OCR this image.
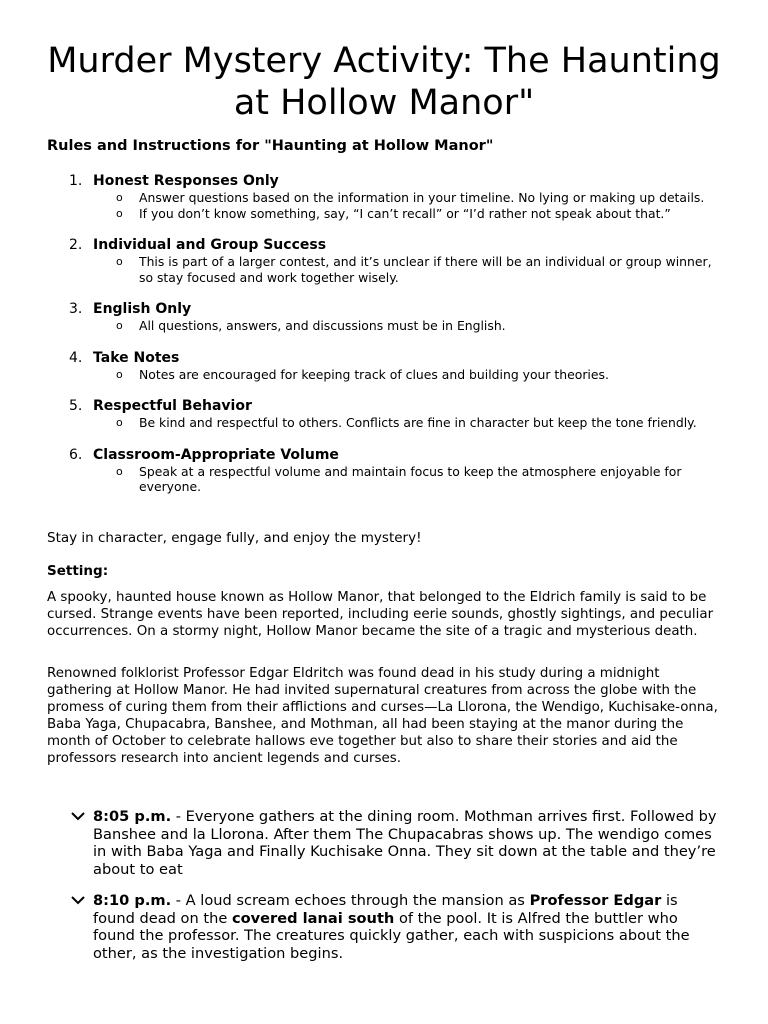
Murder Mystery Activity: The Haunting at Hollow Manor"
Rules and Instructions for "Haunting at Hollow Manor"
1. Honest Responses Only
o Answer questions based on the information in your timeline. No lying or making up details.
o If you don’t know something, say, “I can’t recall” or “I’d rather not speak about that.”
2. Individual and Group Success
o This is part of a larger contest, and it’s unclear if there will be an individual or group winner, so stay focused and work together wisely.
3. English Only
o All questions, answers, and discussions must be in English.
4. Take Notes
o Notes are encouraged for keeping track of clues and building your theories.
5. Respectful Behavior
o Be kind and respectful to others. Conflicts are fine in character but keep the tone friendly.
6. Classroom-Appropriate Volume
o Speak at a respectful volume and maintain focus to keep the atmosphere enjoyable for everyone.
Stay in character, engage fully, and enjoy the mystery!
Setting:

A spooky, haunted house known as Hollow Manor, that belonged to the Eldrich family is said to be cursed. Strange events have been reported, including eerie sounds, ghostly sightings, and peculiar occurrences. On a stormy night, Hollow Manor became the site of a tragic and mysterious death.

Renowned folklorist Professor Edgar Eldritch was found dead in his study during a midnight gathering at Hollow Manor. He had invited supernatural creatures from across the globe with the promess of curing them from their afflictions and curses—La Llorona, the Wendigo, Kuchisake-onna, Baba Yaga, Chupacabra, Banshee, and Mothman, all had been staying at the manor during the month of October to celebrate hallows eve together but also to share their stories and aid the professors research into ancient legends and curses.

8:05 p.m. - Everyone gathers at the dining room. Mothman arrives first. Followed by Banshee and la Llorona. After them The Chupacabras shows up. The wendigo comes in with Baba Yaga and Finally Kuchisake Onna. They sit down at the table and they’re about to eat
8:10 p.m. - A loud scream echoes through the mansion as Professor Edgar is found dead on the covered lanai south of the pool. It is Alfred the buttler who found the professor. The creatures quickly gather, each with suspicions about the other, as the investigation begins.
